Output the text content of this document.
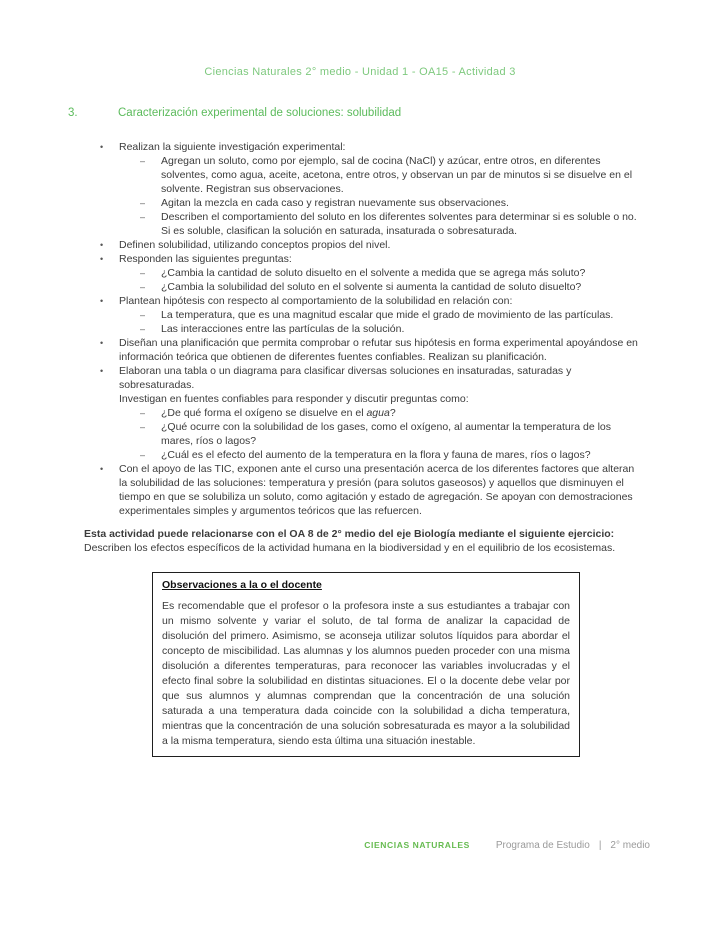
Ciencias Naturales 2° medio - Unidad 1 - OA15 - Actividad 3
3.	Caracterización experimental de soluciones: solubilidad
•	Realizan la siguiente investigación experimental:
‒	Agregan un soluto, como por ejemplo, sal de cocina (NaCl) y azúcar, entre otros, en diferentes solventes, como agua, aceite, acetona, entre otros, y observan un par de minutos si se disuelve en el solvente. Registran sus observaciones.
‒	Agitan la mezcla en cada caso y registran nuevamente sus observaciones.
‒	Describen el comportamiento del soluto en los diferentes solventes para determinar si es soluble o no. Si es soluble, clasifican la solución en saturada, insaturada o sobresaturada.
•	Definen solubilidad, utilizando conceptos propios del nivel.
•	Responden las siguientes preguntas:
‒	¿Cambia la cantidad de soluto disuelto en el solvente a medida que se agrega más soluto?
‒	¿Cambia la solubilidad del soluto en el solvente si aumenta la cantidad de soluto disuelto?
•	Plantean hipótesis con respecto al comportamiento de la solubilidad en relación con:
‒	La temperatura, que es una magnitud escalar que mide el grado de movimiento de las partículas.
‒	Las interacciones entre las partículas de la solución.
•	Diseñan una planificación que permita comprobar o refutar sus hipótesis en forma experimental apoyándose en información teórica que obtienen de diferentes fuentes confiables. Realizan su planificación.
•	Elaboran una tabla o un diagrama para clasificar diversas soluciones en insaturadas, saturadas y sobresaturadas.
Investigan en fuentes confiables para responder y discutir preguntas como:
‒	¿De qué forma el oxígeno se disuelve en el agua?
‒	¿Qué ocurre con la solubilidad de los gases, como el oxígeno, al aumentar la temperatura de los mares, ríos o lagos?
‒	¿Cuál es el efecto del aumento de la temperatura en la flora y fauna de mares, ríos o lagos?
•	Con el apoyo de las TIC, exponen ante el curso una presentación acerca de los diferentes factores que alteran la solubilidad de las soluciones: temperatura y presión (para solutos gaseosos) y aquellos que disminuyen el tiempo en que se solubiliza un soluto, como agitación y estado de agregación. Se apoyan con demostraciones experimentales simples y argumentos teóricos que las refuercen.
Esta actividad puede relacionarse con el OA 8 de 2° medio del eje Biología mediante el siguiente ejercicio:
Describen los efectos específicos de la actividad humana en la biodiversidad y en el equilibrio de los ecosistemas.
Observaciones a la o el docente
Es recomendable que el profesor o la profesora inste a sus estudiantes a trabajar con un mismo solvente y variar el soluto, de tal forma de analizar la capacidad de disolución del primero. Asimismo, se aconseja utilizar solutos líquidos para abordar el concepto de miscibilidad. Las alumnas y los alumnos pueden proceder con una misma disolución a diferentes temperaturas, para reconocer las variables involucradas y el efecto final sobre la solubilidad en distintas situaciones. El o la docente debe velar por que sus alumnos y alumnas comprendan que la concentración de una solución saturada a una temperatura dada coincide con la solubilidad a dicha temperatura, mientras que la concentración de una solución sobresaturada es mayor a la solubilidad a la misma temperatura, siendo esta última una situación inestable.
CIENCIAS NATURALES	Programa de Estudio | 2° medio
